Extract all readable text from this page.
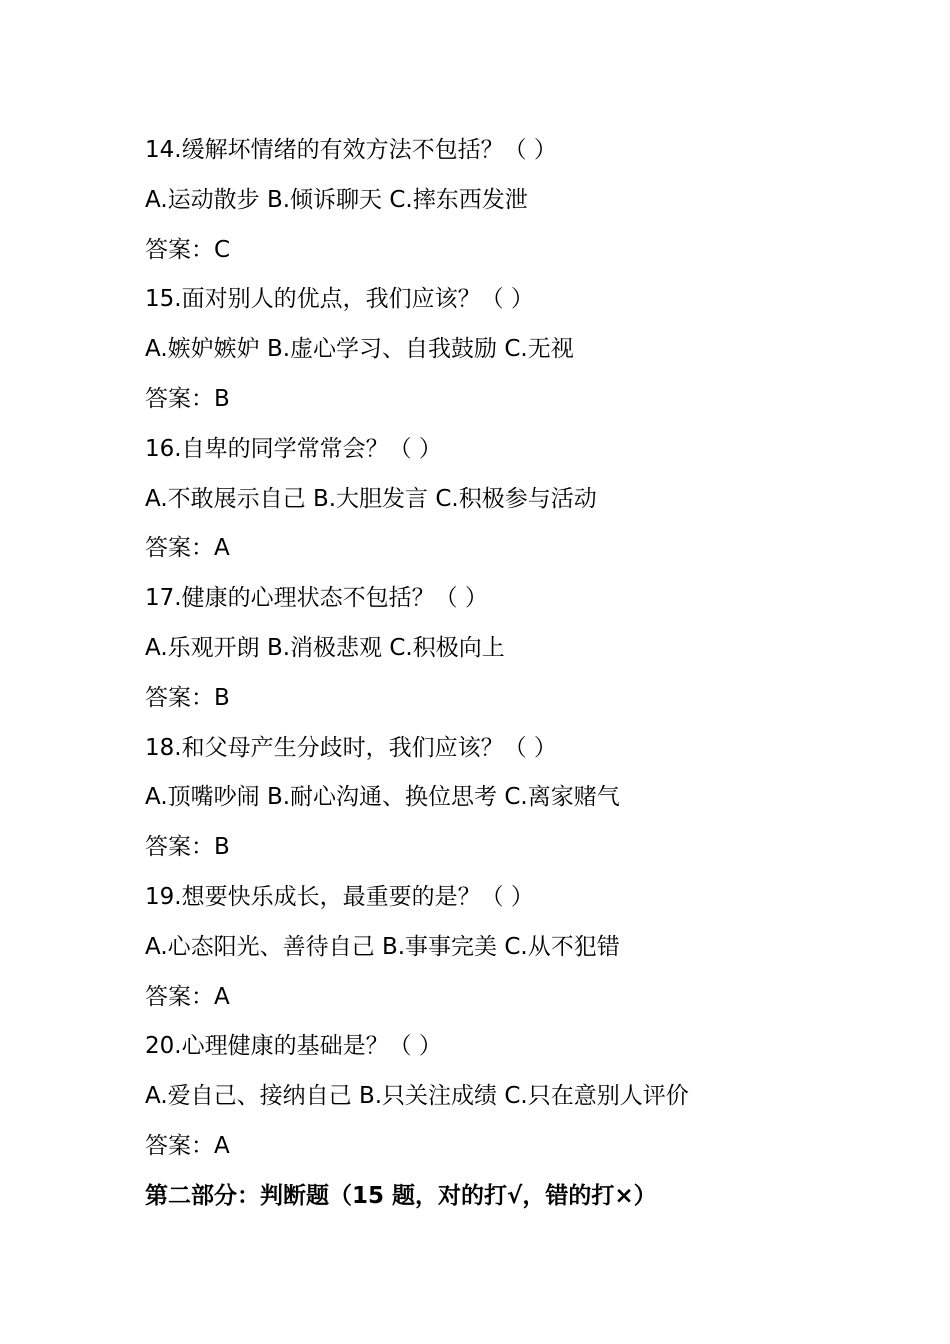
14.缓解坏情绪的有效方法不包括？（ ）
A.运动散步 B.倾诉聊天 C.摔东西发泄
答案：C
15.面对别人的优点，我们应该？（ ）
A.嫉妒嫉妒 B.虚心学习、自我鼓励 C.无视
答案：B
16.自卑的同学常常会？（ ）
A.不敢展示自己 B.大胆发言 C.积极参与活动
答案：A
17.健康的心理状态不包括？（ ）
A.乐观开朗 B.消极悲观 C.积极向上
答案：B
18.和父母产生分歧时，我们应该？（ ）
A.顶嘴吵闹 B.耐心沟通、换位思考 C.离家赌气
答案：B
19.想要快乐成长，最重要的是？（ ）
A.心态阳光、善待自己 B.事事完美 C.从不犯错
答案：A
20.心理健康的基础是？（ ）
A.爱自己、接纳自己 B.只关注成绩 C.只在意别人评价
答案：A
第二部分：判断题（15 题，对的打√，错的打×）
